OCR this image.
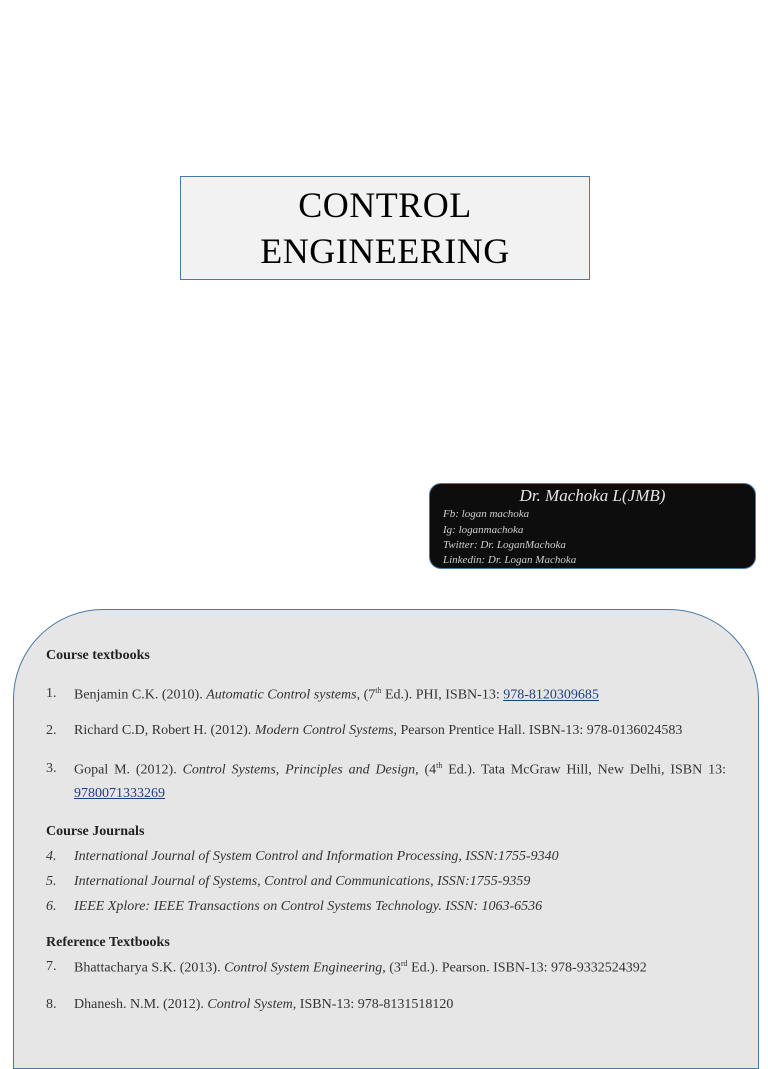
CONTROL
ENGINEERING
Dr. Machoka L(JMB)
Fb: logan machoka
Ig: loganmachoka
Twitter: Dr. LoganMachoka
Linkedin: Dr. Logan Machoka
Course textbooks
1. Benjamin C.K. (2010). Automatic Control systems, (7th Ed.). PHI, ISBN-13: 978-8120309685
2. Richard C.D, Robert H. (2012). Modern Control Systems, Pearson Prentice Hall. ISBN-13: 978-0136024583
3. Gopal M. (2012). Control Systems, Principles and Design, (4th Ed.). Tata McGraw Hill, New Delhi, ISBN 13:
9780071333269
Course Journals
4. International Journal of System Control and Information Processing, ISSN:1755-9340
5. International Journal of Systems, Control and Communications, ISSN:1755-9359
6. IEEE Xplore: IEEE Transactions on Control Systems Technology. ISSN: 1063-6536
Reference Textbooks
7. Bhattacharya S.K. (2013). Control System Engineering, (3rd Ed.). Pearson. ISBN-13: 978-9332524392
8. Dhanesh. N.M. (2012). Control System, ISBN-13: 978-8131518120
